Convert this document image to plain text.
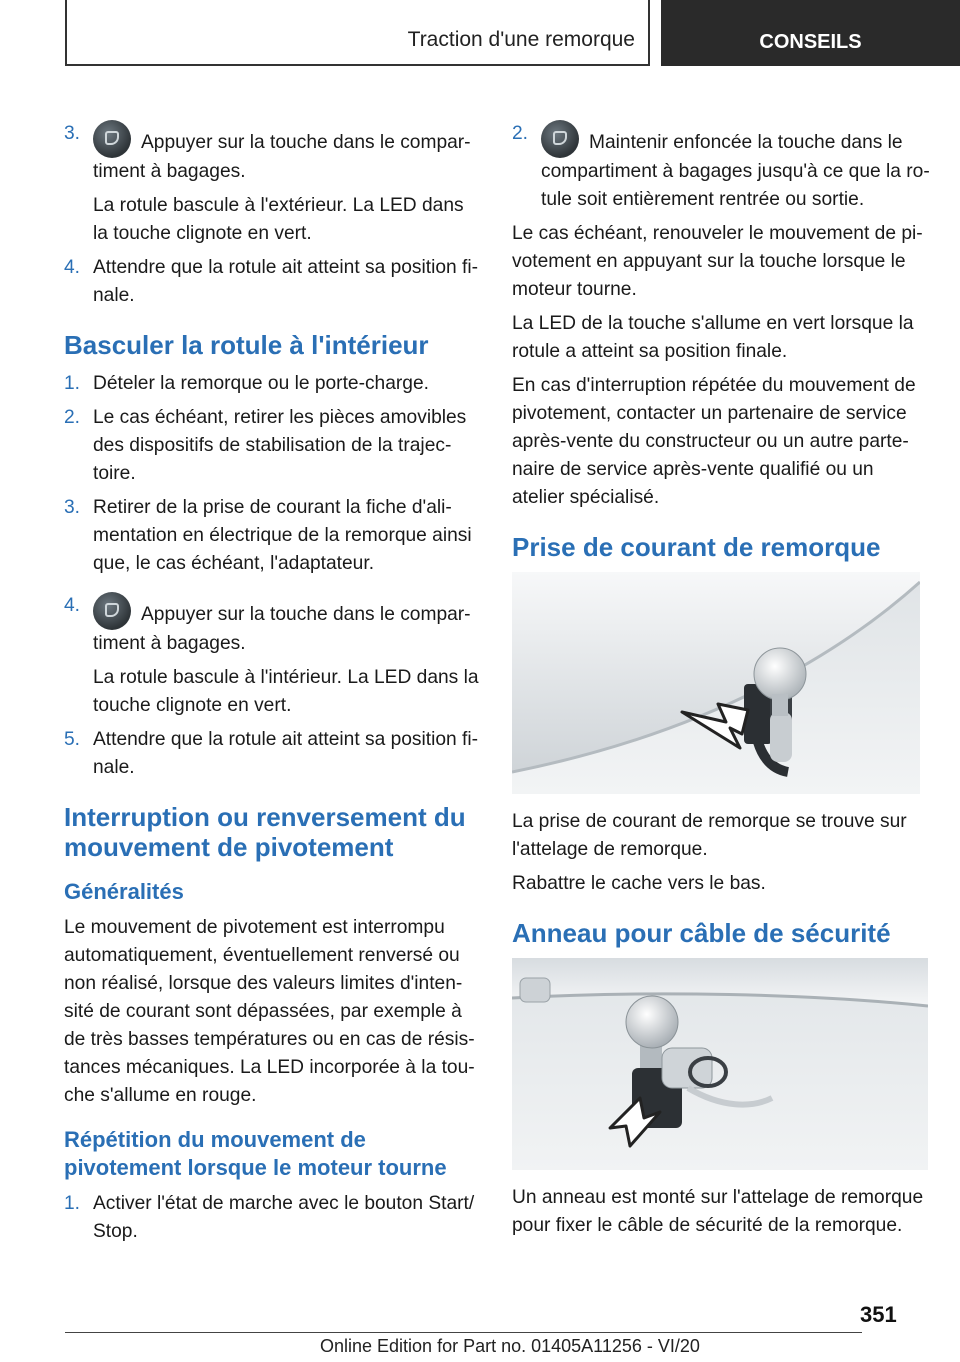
Traction d'une remorque	CONSEILS
3.	Appuyer sur la touche dans le compartiment à bagages.

La rotule bascule à l'extérieur. La LED dans la touche clignote en vert.

4. Attendre que la rotule ait atteint sa position finale.
Basculer la rotule à l'intérieur
1. Dételer la remorque ou le porte-charge.
2. Le cas échéant, retirer les pièces amovibles des dispositifs de stabilisation de la trajectoire.
3. Retirer de la prise de courant la fiche d'alimentation en électrique de la remorque ainsi que, le cas échéant, l'adaptateur.
4.	Appuyer sur la touche dans le compartiment à bagages.

La rotule bascule à l'intérieur. La LED dans la touche clignote en vert.

5. Attendre que la rotule ait atteint sa position finale.
Interruption ou renversement du mouvement de pivotement
Généralités

Le mouvement de pivotement est interrompu automatiquement, éventuellement renversé ou non réalisé, lorsque des valeurs limites d'intensité de courant sont dépassées, par exemple à de très basses températures ou en cas de résistances mécaniques. La LED incorporée à la touche s'allume en rouge.

Répétition du mouvement de pivotement lorsque le moteur tourne
1. Activer l'état de marche avec le bouton Start/ Stop.
2.	Maintenir enfoncée la touche dans le compartiment à bagages jusqu'à ce que la rotule soit entièrement rentrée ou sortie.

Le cas échéant, renouveler le mouvement de pivotement en appuyant sur la touche lorsque le moteur tourne.

La LED de la touche s'allume en vert lorsque la rotule a atteint sa position finale.

En cas d'interruption répétée du mouvement de pivotement, contacter un partenaire de service après-vente du constructeur ou un autre partenaire de service après-vente qualifié ou un atelier spécialisé.

Prise de courant de remorque

La prise de courant de remorque se trouve sur l'attelage de remorque.

Rabattre le cache vers le bas.

Anneau pour câble de sécurité

Un anneau est monté sur l'attelage de remorque pour fixer le câble de sécurité de la remorque.

351
Online Edition for Part no. 01405A11256 - VI/20
